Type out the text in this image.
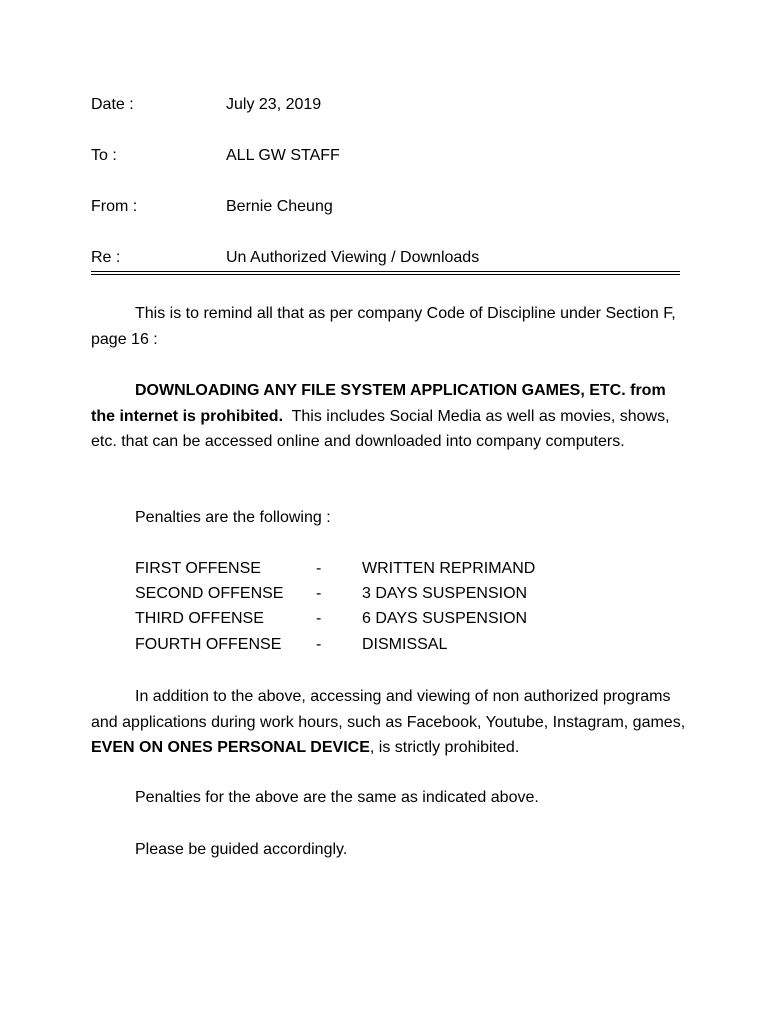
Date :	July 23, 2019
To :	ALL GW STAFF
From :	Bernie Cheung
Re :	Un Authorized Viewing / Downloads

This is to remind all that as per company Code of Discipline under Section F, page 16 :

DOWNLOADING ANY FILE SYSTEM APPLICATION GAMES, ETC. from the internet is prohibited. This includes Social Media as well as movies, shows, etc. that can be accessed online and downloaded into company computers.

Penalties are the following :
FIRST OFFENSE	-	WRITTEN REPRIMAND
SECOND OFFENSE -	3 DAYS SUSPENSION
THIRD OFFENSE	-	6 DAYS SUSPENSION
FOURTH OFFENSE -	DISMISSAL

In addition to the above, accessing and viewing of non authorized programs and applications during work hours, such as Facebook, Youtube, Instagram, games, EVEN ON ONES PERSONAL DEVICE, is strictly prohibited.

Penalties for the above are the same as indicated above.
Please be guided accordingly.
